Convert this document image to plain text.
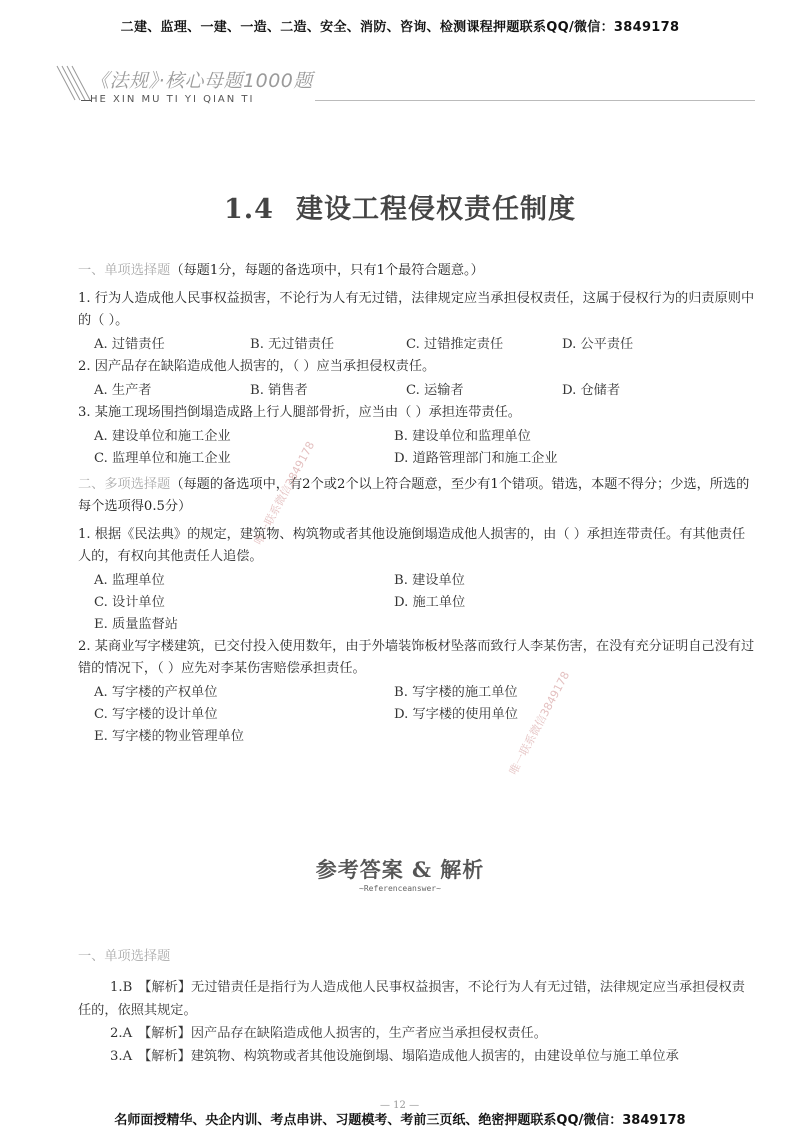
二建、监理、一建、一造、二造、安全、消防、咨询、检测课程押题联系QQ/微信：3849178
《法规》·核心母题1000题
HE XIN MU TI YI QIAN TI
1.4 建设工程侵权责任制度
一、单项选择题（每题1分，每题的备选项中，只有1个最符合题意。）
1. 行为人造成他人民事权益损害，不论行为人有无过错，法律规定应当承担侵权责任，这属于侵权行为的归责原则中的（ ）。
A. 过错责任	B. 无过错责任	C. 过错推定责任	D. 公平责任
2. 因产品存在缺陷造成他人损害的，（ ）应当承担侵权责任。
A. 生产者	B. 销售者	C. 运输者	D. 仓储者
3. 某施工现场围挡倒塌造成路上行人腿部骨折，应当由（ ）承担连带责任。
A. 建设单位和施工企业	B. 建设单位和监理单位
C. 监理单位和施工企业	D. 道路管理部门和施工企业
二、多项选择题（每题的备选项中，有2个或2个以上符合题意，至少有1个错项。错选，本题不得分；少选，所选的每个选项得0.5分）
1. 根据《民法典》的规定，建筑物、构筑物或者其他设施倒塌造成他人损害的，由（ ）承担连带责任。有其他责任人的，有权向其他责任人追偿。
A. 监理单位	B. 建设单位
C. 设计单位	D. 施工单位
E. 质量监督站
2. 某商业写字楼建筑，已交付投入使用数年，由于外墙装饰板材坠落而致行人李某伤害，在没有充分证明自己没有过错的情况下，（ ）应先对李某伤害赔偿承担责任。
A. 写字楼的产权单位	B. 写字楼的施工单位
C. 写字楼的设计单位	D. 写字楼的使用单位
E. 写字楼的物业管理单位
唯一联系微信3849178
唯一联系微信3849178
参考答案 & 解析
~Referenceanswer~
一、单项选择题
1.B 【解析】无过错责任是指行为人造成他人民事权益损害，不论行为人有无过错，法律规定应当承担侵权责任的，依照其规定。
2.A 【解析】因产品存在缺陷造成他人损害的，生产者应当承担侵权责任。
3.A 【解析】建筑物、构筑物或者其他设施倒塌、塌陷造成他人损害的，由建设单位与施工单位承
— 12 —
名师面授精华、央企内训、考点串讲、习题模考、考前三页纸、绝密押题联系QQ/微信：3849178
